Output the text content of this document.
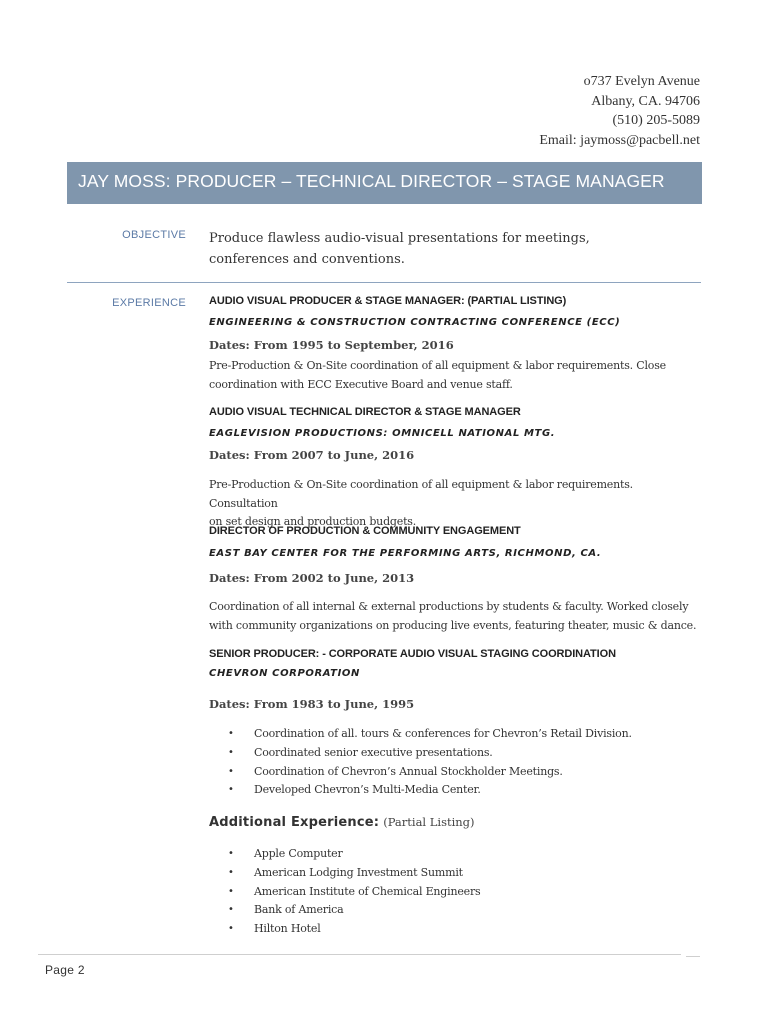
o737 Evelyn Avenue
Albany, CA. 94706
(510) 205-5089
Email: jaymoss@pacbell.net
JAY MOSS: PRODUCER – TECHNICAL DIRECTOR – STAGE MANAGER
OBJECTIVE Produce flawless audio-visual presentations for meetings,
conferences and conventions.
EXPERIENCE AUDIO VISUAL PRODUCER & STAGE MANAGER: (PARTIAL LISTING)
ENGINEERING & CONSTRUCTION CONTRACTING CONFERENCE (ECC)
Dates: From 1995 to September, 2016
Pre-Production & On-Site coordination of all equipment & labor requirements. Close
coordination with ECC Executive Board and venue staff.
AUDIO VISUAL TECHNICAL DIRECTOR & STAGE MANAGER
EAGLEVISION PRODUCTIONS: OMNICELL NATIONAL MTG.
Dates: From 2007 to June, 2016
Pre-Production & On-Site coordination of all equipment & labor requirements. Consultation
on set design and production budgets.
DIRECTOR OF PRODUCTION & COMMUNITY ENGAGEMENT
EAST BAY CENTER FOR THE PERFORMING ARTS, RICHMOND, CA.
Dates: From 2002 to June, 2013
Coordination of all internal & external productions by students & faculty. Worked closely
with community organizations on producing live events, featuring theater, music & dance.
SENIOR PRODUCER: - CORPORATE AUDIO VISUAL STAGING COORDINATION
CHEVRON CORPORATION
Dates: From 1983 to June, 1995
• Coordination of all. tours & conferences for Chevron’s Retail Division.
• Coordinated senior executive presentations.
• Coordination of Chevron’s Annual Stockholder Meetings.
• Developed Chevron’s Multi-Media Center.
Additional Experience: (Partial Listing)
• Apple Computer
• American Lodging Investment Summit
• American Institute of Chemical Engineers
• Bank of America
• Hilton Hotel
Page 2
